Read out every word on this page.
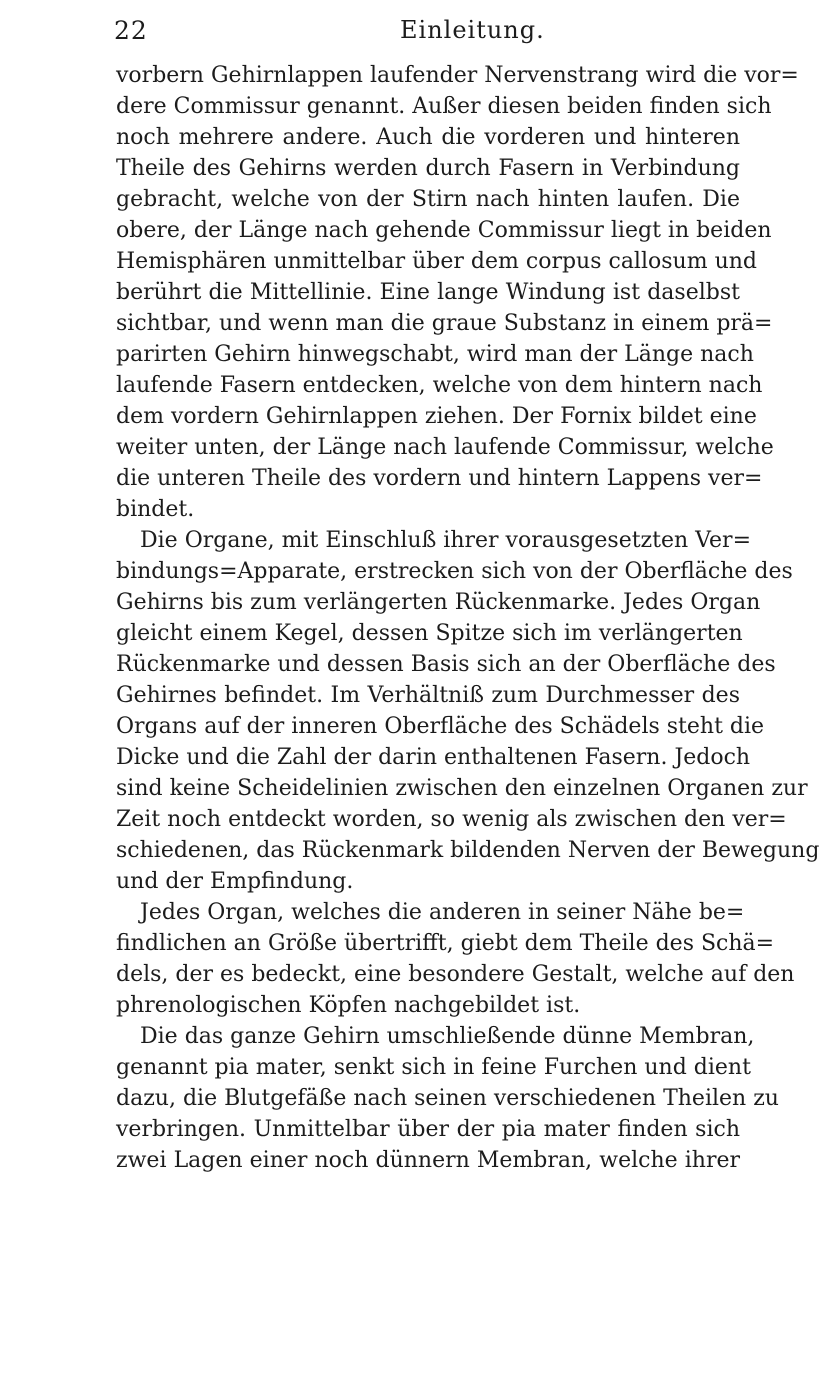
22	Einleitung.
vorbern Gehirnlappen laufender Nervenstrang wird die vor=
dere Commissur genannt. Außer diesen beiden finden sich
noch mehrere andere. Auch die vorderen und hinteren
Theile des Gehirns werden durch Fasern in Verbindung
gebracht, welche von der Stirn nach hinten laufen. Die
obere, der Länge nach gehende Commissur liegt in beiden
Hemisphären unmittelbar über dem corpus callosum und
berührt die Mittellinie. Eine lange Windung ist daselbst
sichtbar, und wenn man die graue Substanz in einem prä=
parirten Gehirn hinwegschabt, wird man der Länge nach
laufende Fasern entdecken, welche von dem hintern nach
dem vordern Gehirnlappen ziehen. Der Fornix bildet eine
weiter unten, der Länge nach laufende Commissur, welche
die unteren Theile des vordern und hintern Lappens ver=
bindet.
Die Organe, mit Einschluß ihrer vorausgesetzten Ver=
bindungs=Apparate, erstrecken sich von der Oberfläche des
Gehirns bis zum verlängerten Rückenmarke. Jedes Organ
gleicht einem Kegel, dessen Spitze sich im verlängerten
Rückenmarke und dessen Basis sich an der Oberfläche des
Gehirnes befindet. Im Verhältniß zum Durchmesser des
Organs auf der inneren Oberfläche des Schädels steht die
Dicke und die Zahl der darin enthaltenen Fasern. Jedoch
sind keine Scheidelinien zwischen den einzelnen Organen zur
Zeit noch entdeckt worden, so wenig als zwischen den ver=
schiedenen, das Rückenmark bildenden Nerven der Bewegung
und der Empfindung.
Jedes Organ, welches die anderen in seiner Nähe be=
findlichen an Größe übertrifft, giebt dem Theile des Schä=
dels, der es bedeckt, eine besondere Gestalt, welche auf den
phrenologischen Köpfen nachgebildet ist.
Die das ganze Gehirn umschließende dünne Membran,
genannt pia mater, senkt sich in feine Furchen und dient
dazu, die Blutgefäße nach seinen verschiedenen Theilen zu
verbringen. Unmittelbar über der pia mater finden sich
zwei Lagen einer noch dünnern Membran, welche ihrer
